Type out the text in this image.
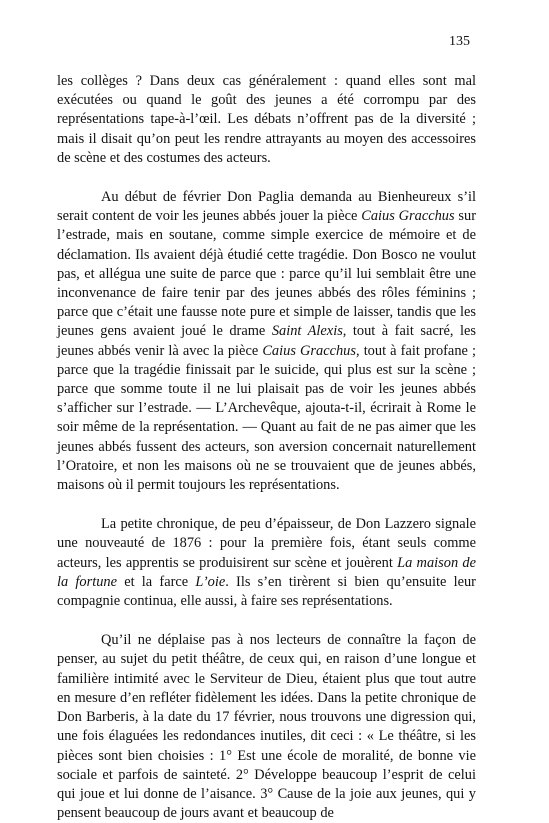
135

les collèges ? Dans deux cas généralement : quand elles sont mal exécutées ou quand le goût des jeunes a été corrompu par des représentations tape-à-l’œil. Les débats n’offrent pas de la diversité ; mais il disait qu’on peut les rendre attrayants au moyen des accessoires de scène et des costumes des acteurs.

Au début de février Don Paglia demanda au Bienheureux s’il serait content de voir les jeunes abbés jouer la pièce Caius Gracchus sur l’estrade, mais en soutane, comme simple exercice de mémoire et de déclamation. Ils avaient déjà étudié cette tragédie. Don Bosco ne voulut pas, et allégua une suite de parce que : parce qu’il lui semblait être une inconvenance de faire tenir par des jeunes abbés des rôles féminins ; parce que c’était une fausse note pure et simple de laisser, tandis que les jeunes gens avaient joué le drame Saint Alexis, tout à fait sacré, les jeunes abbés venir là avec la pièce Caius Gracchus, tout à fait profane ; parce que la tragédie finissait par le suicide, qui plus est sur la scène ; parce que somme toute il ne lui plaisait pas de voir les jeunes abbés s’afficher sur l’estrade. — L’Archevêque, ajouta-t-il, écrirait à Rome le soir même de la représentation. — Quant au fait de ne pas aimer que les jeunes abbés fussent des acteurs, son aversion concernait naturellement l’Oratoire, et non les maisons où ne se trouvaient que de jeunes abbés, maisons où il permit toujours les représentations.

La petite chronique, de peu d’épaisseur, de Don Lazzero signale une nouveauté de 1876 : pour la première fois, étant seuls comme acteurs, les apprentis se produisirent sur scène et jouèrent La maison de la fortune et la farce L’oie. Ils s’en tirèrent si bien qu’ensuite leur compagnie continua, elle aussi, à faire ses représentations.

Qu’il ne déplaise pas à nos lecteurs de connaître la façon de penser, au sujet du petit théâtre, de ceux qui, en raison d’une longue et familière intimité avec le Serviteur de Dieu, étaient plus que tout autre en mesure d’en refléter fidèlement les idées. Dans la petite chronique de Don Barberis, à la date du 17 février, nous trouvons une digression qui, une fois élaguées les redondances inutiles, dit ceci : « Le théâtre, si les pièces sont bien choisies : 1° Est une école de moralité, de bonne vie sociale et parfois de sainteté. 2° Développe beaucoup l’esprit de celui qui joue et lui donne de l’aisance. 3° Cause de la joie aux jeunes, qui y pensent beaucoup de jours avant et beaucoup de
